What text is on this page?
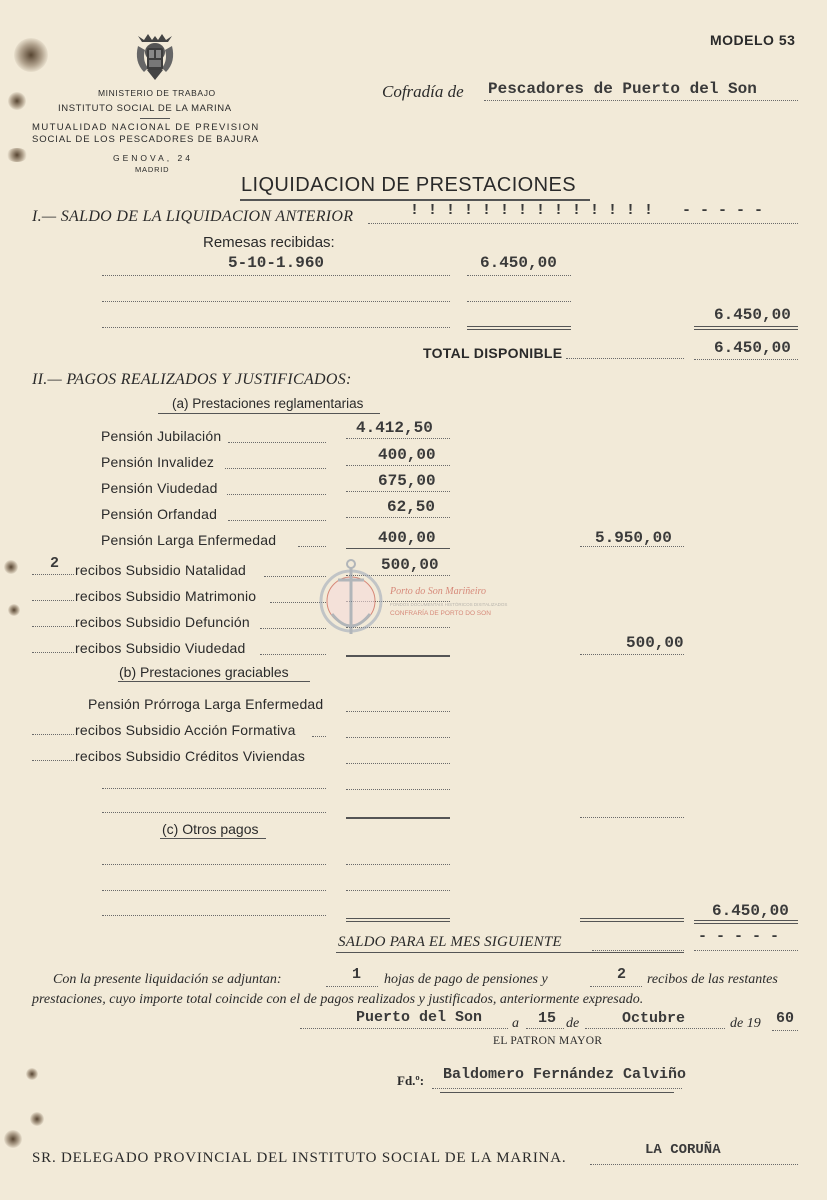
MODELO 53
MINISTERIO DE TRABAJO
INSTITUTO SOCIAL DE LA MARINA
MUTUALIDAD NACIONAL DE PREVISION
SOCIAL DE LOS PESCADORES DE BAJURA
GENOVA, 24
MADRID
Cofradía de Pescadores de Puerto del Son
LIQUIDACION DE PRESTACIONES
I.— SALDO DE LA LIQUIDACION ANTERIOR	! ! ! ! ! ! ! ! ! ! ! ! ! ! - - - - -
Remesas recibidas:
5-10-1.960	6.450,00
6.450,00
TOTAL DISPONIBLE	6.450,00
II.— PAGOS REALIZADOS Y JUSTIFICADOS:
(a) Prestaciones reglamentarias
Pensión Jubilación	4.412,50
Pensión Invalidez	400,00
Pensión Viudedad	675,00
Pensión Orfandad	62,50
Pensión Larga Enfermedad	400,00	5.950,00
2 recibos Subsidio Natalidad	500,00
recibos Subsidio Matrimonio
recibos Subsidio Defunción
recibos Subsidio Viudedad	500,00
(b) Prestaciones graciables
Pensión Prórroga Larga Enfermedad
recibos Subsidio Acción Formativa
recibos Subsidio Créditos Viviendas
(c) Otros pagos
6.450,00
SALDO PARA EL MES SIGUIENTE	- - - - -
Con la presente liquidación se adjuntan:	1 hojas de pago de pensiones y	2 recibos de las restantes
prestaciones, cuyo importe total coincide con el de pagos realizados y justificados, anteriormente expresado.
Puerto del Son a 15 de	Octubre	de 19 60
EL PATRON MAYOR
Fd.º: Baldomero Fernández Calviño
SR. DELEGADO PROVINCIAL DEL INSTITUTO SOCIAL DE LA MARINA.	LA CORUÑA
Porto do Son Mariñeiro
FONDOS DOCUMENTAIS HISTÓRICOS DIXITALIZADOS
CONFRARÍA DE PORTO DO SON
